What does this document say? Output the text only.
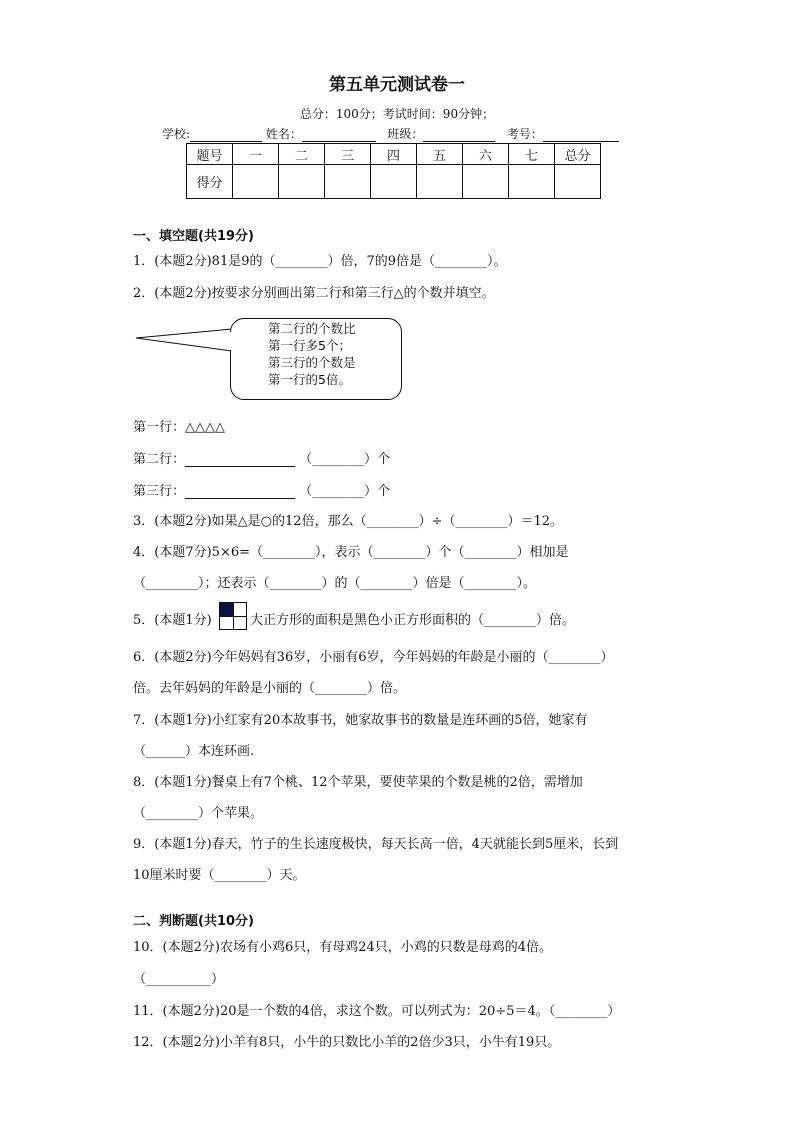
第五单元测试卷一
总分：100分；考试时间：90分钟；
学校:	姓名：	班级：	考号：
题号	一	二	三	四	五	六	七	总分
得分								
一、填空题(共19分)
1．(本题2分)81是9的（________）倍，7的9倍是（________）。
2．(本题2分)按要求分别画出第二行和第三行△的个数并填空。
第二行的个数比
第一行多5个；
第三行的个数是
第一行的5倍。
第一行：△△△△
第二行：	（________）个
第三行：	（________）个
3．(本题2分)如果△是○的12倍，那么（________）÷（________）＝12。
4．(本题7分)5×6=（________），表示（________）个（________）相加是
（________）；还表示（________）的（________）倍是（________）。
5．(本题1分)	大正方形的面积是黑色小正方形面积的（________）倍。
6．(本题2分)今年妈妈有36岁，小丽有6岁，今年妈妈的年龄是小丽的（________）
倍。去年妈妈的年龄是小丽的（________）倍。
7．(本题1分)小红家有20本故事书，她家故事书的数量是连环画的5倍，她家有
（______）本连环画.
8．(本题1分)餐桌上有7个桃、12个苹果，要使苹果的个数是桃的2倍，需增加
（________）个苹果。
9．(本题1分)春天，竹子的生长速度极快，每天长高一倍，4天就能长到5厘米，长到
10厘米时要（________）天。
二、判断题(共10分)
10．(本题2分)农场有小鸡6只，有母鸡24只，小鸡的只数是母鸡的4倍。
（__________）
11．(本题2分)20是一个数的4倍，求这个数。可以列式为：20÷5＝4。（________）
12．(本题2分)小羊有8只，小牛的只数比小羊的2倍少3只，小牛有19只。
